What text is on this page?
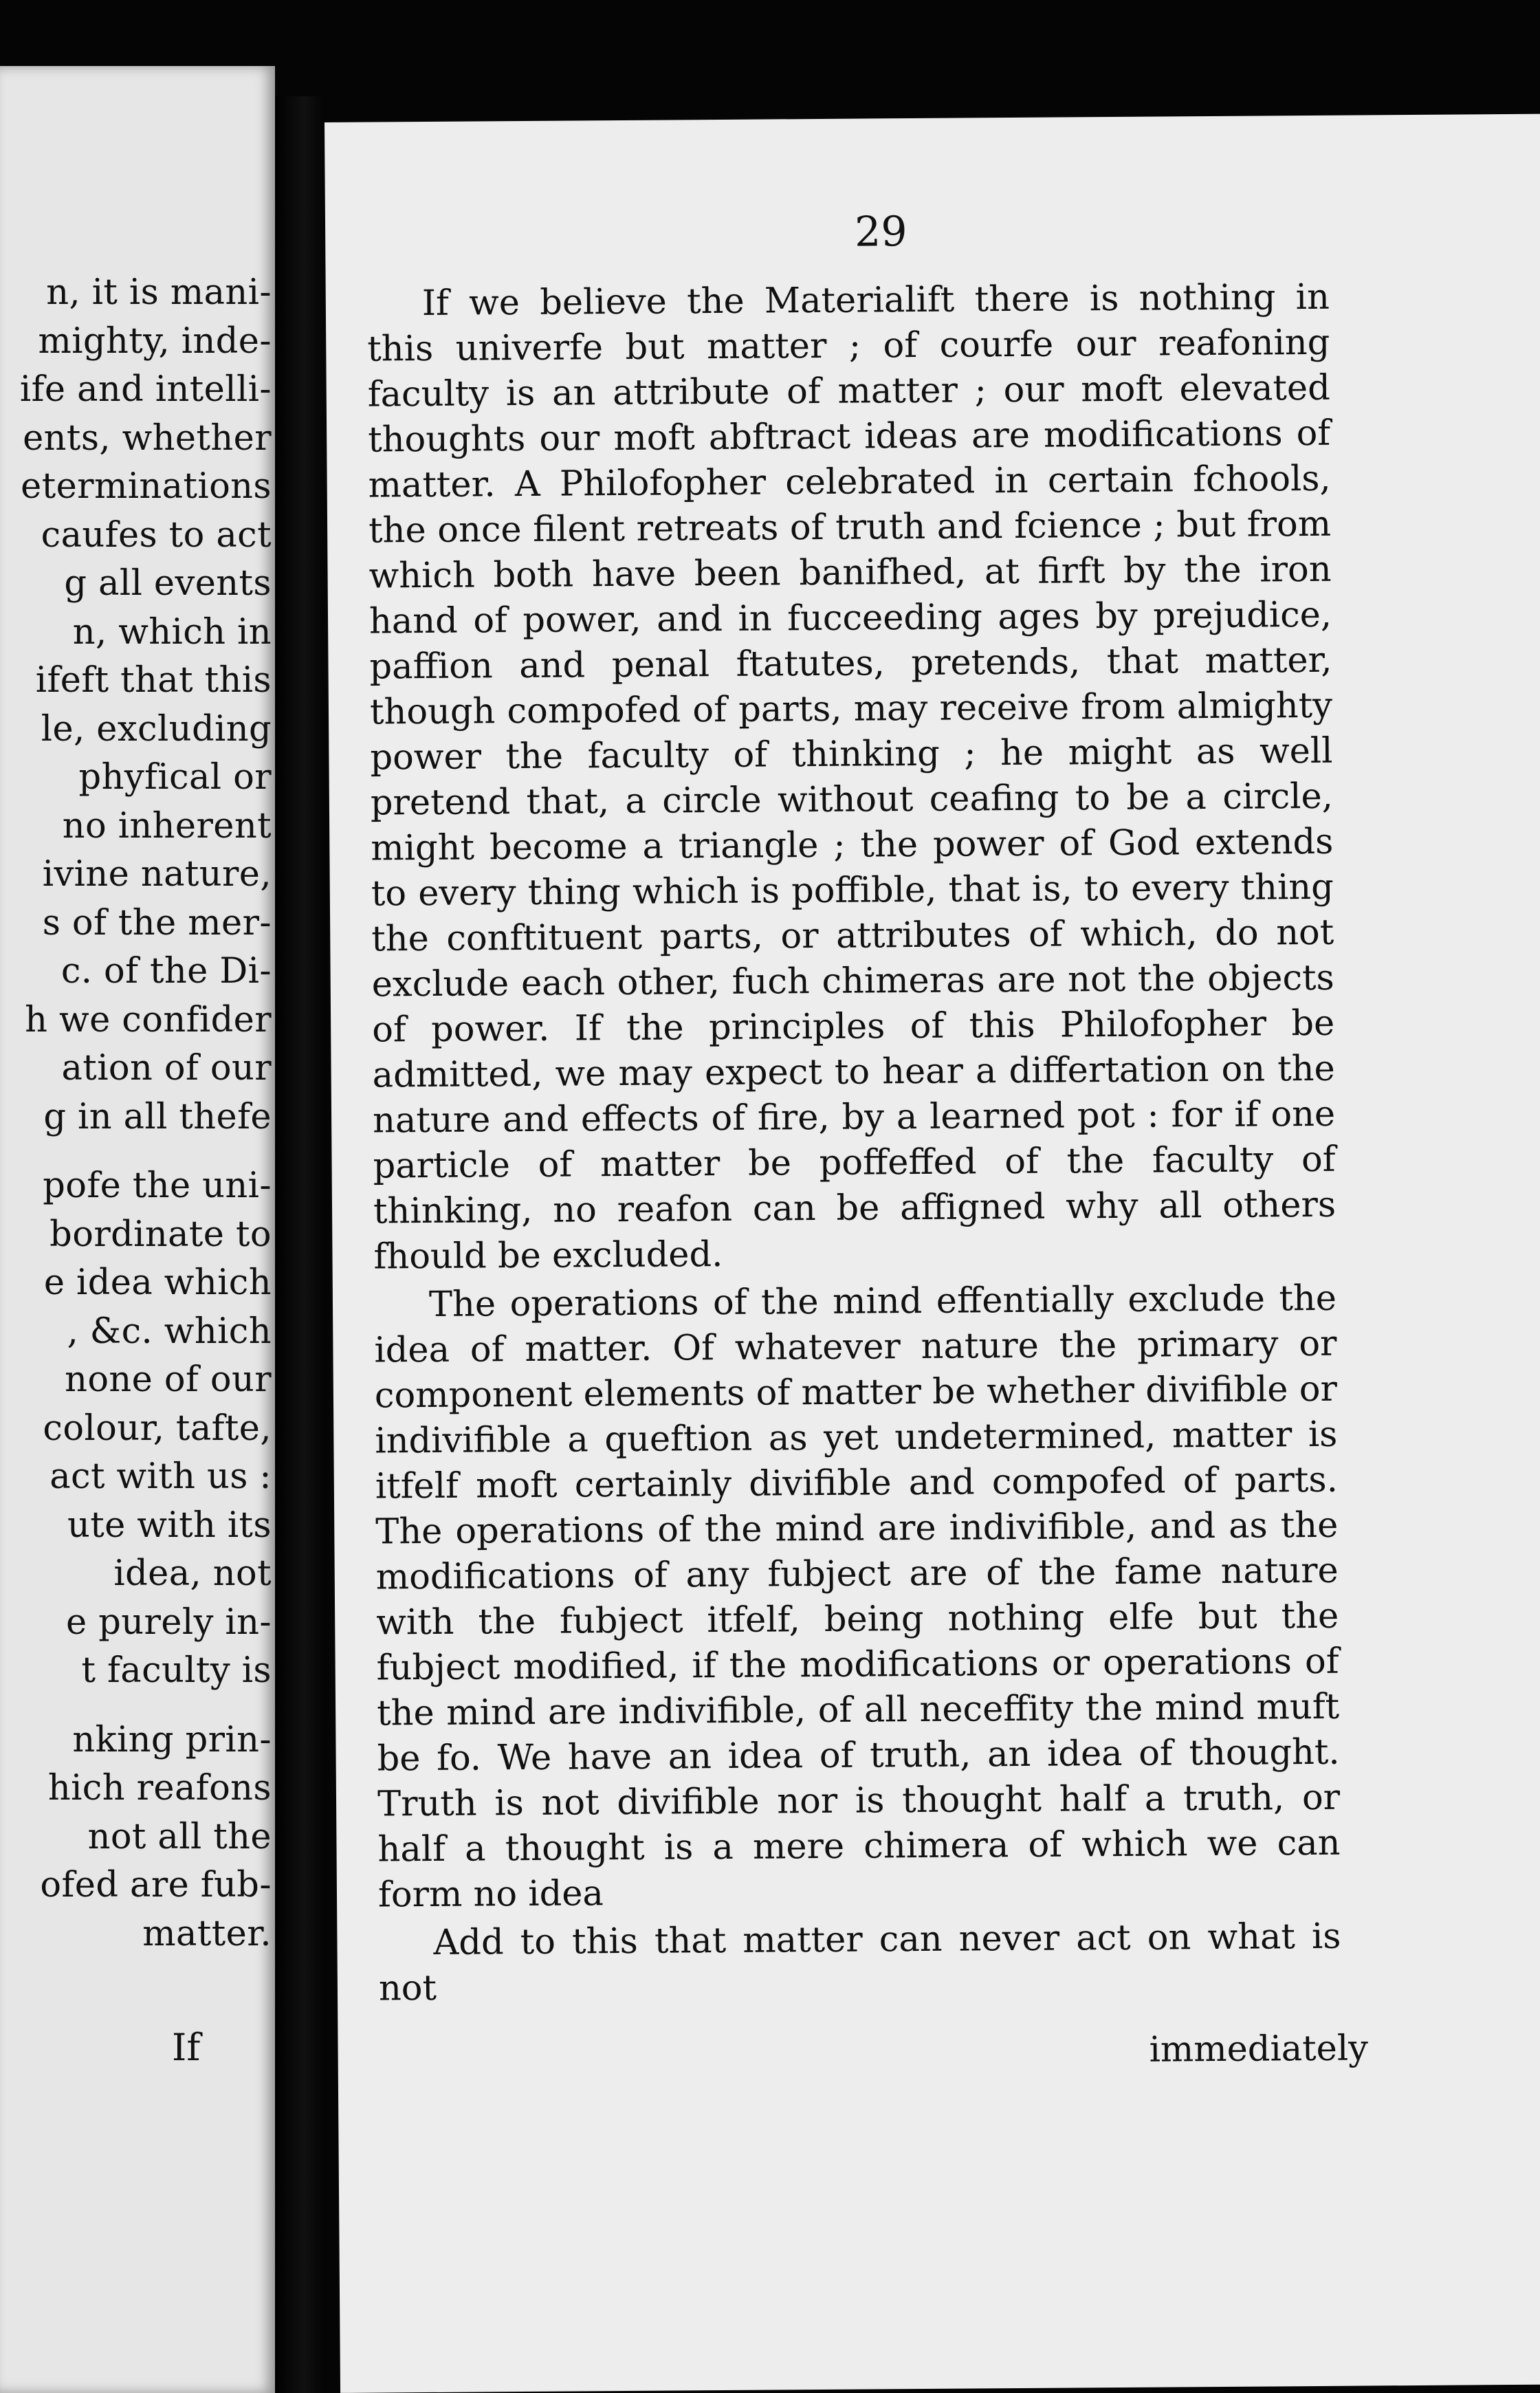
n, it is mani-
mighty, inde-
ife and intelli-
ents, whether
eterminations
caufes to act
g all events
n, which in
ifeft that this
le, excluding
phyfical or
no inherent
ivine nature,
s of the mer-
c. of the Di-
h we confider
ation of our
g in all thefe
pofe the uni-
bordinate to
e idea which
, &c. which
none of our
colour, tafte,
act with us :
ute with its
idea, not
e purely in-
t faculty is
nking prin-
hich reafons
not all the
ofed are fub-
matter.
If
29

If we believe the Materialift there is nothing in this univerfe but matter ; of courfe our reafoning faculty is an attribute of matter ; our moft elevated thoughts our moft abftract ideas are modifications of matter. A Philofopher celebrated in certain fchools, the once filent retreats of truth and fcience ; but from which both have been banifhed, at firft by the iron hand of power, and in fucceeding ages by prejudice, paffion and penal ftatutes, pretends, that matter, though compofed of parts, may receive from almighty power the faculty of thinking ; he might as well pretend that, a circle without ceafing to be a circle, might become a triangle ; the power of God extends to every thing which is poffible, that is, to every thing the conftituent parts, or attributes of which, do not exclude each other, fuch chimeras are not the objects of power. If the principles of this Philofopher be admitted, we may expect to hear a differtation on the nature and effects of fire, by a learned pot : for if one particle of matter be poffeffed of the faculty of thinking, no reafon can be affigned why all others fhould be excluded.

The operations of the mind effentially exclude the idea of matter. Of whatever nature the primary or component elements of matter be whether divifible or indivifible a queftion as yet undetermined, matter is itfelf moft certainly divifible and compofed of parts. The operations of the mind are indivifible, and as the modifications of any fubject are of the fame nature with the fubject itfelf, being nothing elfe but the fubject modified, if the modifications or operations of the mind are indivifible, of all neceffity the mind muft be fo. We have an idea of truth, an idea of thought. Truth is not divifible nor is thought half a truth, or half a thought is a mere chimera of which we can form no idea

Add to this that matter can never act on what is not

immediately
